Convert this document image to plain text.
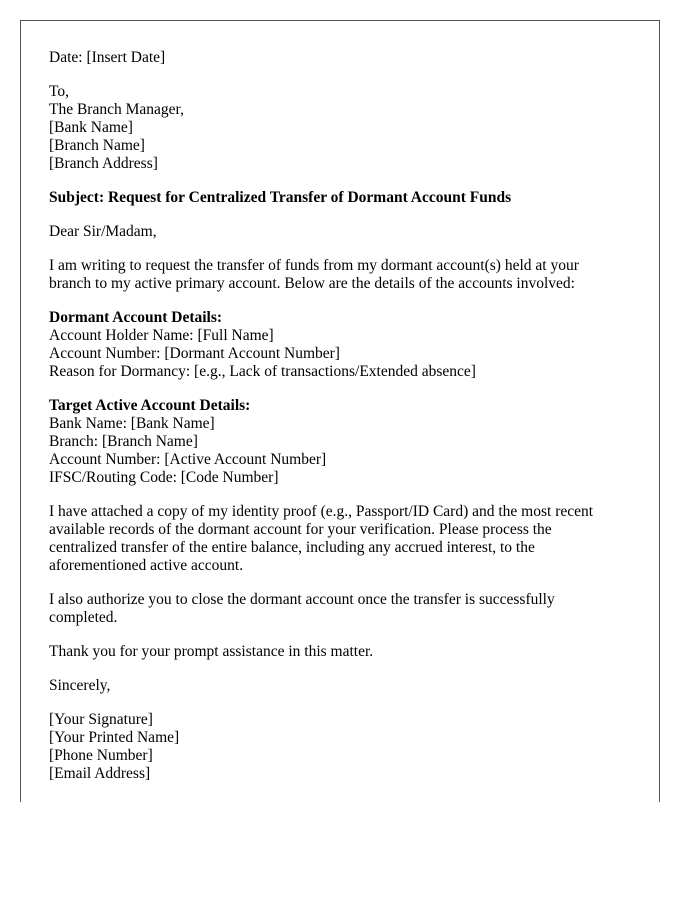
Date: [Insert Date]
To,
The Branch Manager,
[Bank Name]
[Branch Name]
[Branch Address]
Subject: Request for Centralized Transfer of Dormant Account Funds
Dear Sir/Madam,
I am writing to request the transfer of funds from my dormant account(s) held at your
branch to my active primary account. Below are the details of the accounts involved:
Dormant Account Details:
Account Holder Name: [Full Name]
Account Number: [Dormant Account Number]
Reason for Dormancy: [e.g., Lack of transactions/Extended absence]
Target Active Account Details:
Bank Name: [Bank Name]
Branch: [Branch Name]
Account Number: [Active Account Number]
IFSC/Routing Code: [Code Number]
I have attached a copy of my identity proof (e.g., Passport/ID Card) and the most recent
available records of the dormant account for your verification. Please process the
centralized transfer of the entire balance, including any accrued interest, to the
aforementioned active account.
I also authorize you to close the dormant account once the transfer is successfully
completed.
Thank you for your prompt assistance in this matter.
Sincerely,
[Your Signature]
[Your Printed Name]
[Phone Number]
[Email Address]
